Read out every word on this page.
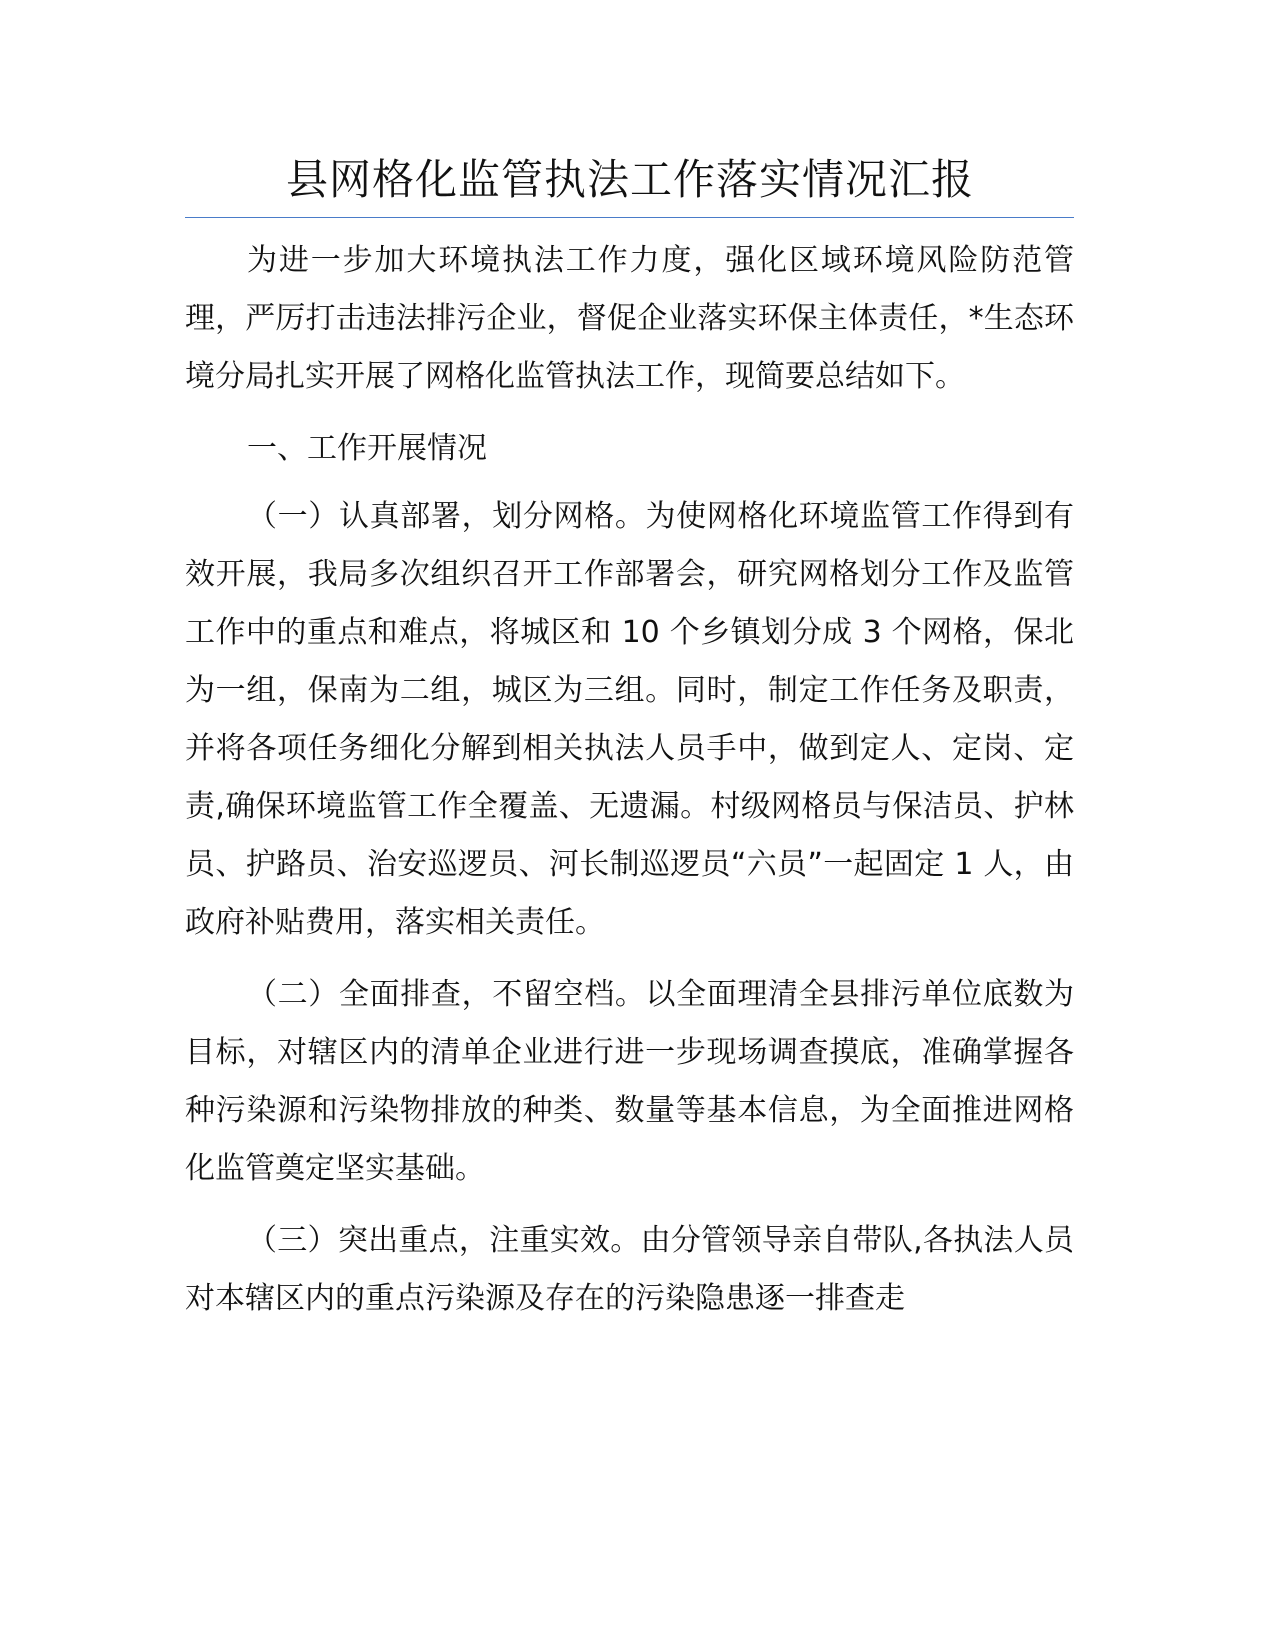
县网格化监管执法工作落实情况汇报

为进一步加大环境执法工作力度，强化区域环境风险防范管理，严厉打击违法排污企业，督促企业落实环保主体责任，*生态环境分局扎实开展了网格化监管执法工作，现简要总结如下。

一、工作开展情况

（一）认真部署，划分网格。为使网格化环境监管工作得到有效开展，我局多次组织召开工作部署会，研究网格划分工作及监管工作中的重点和难点，将城区和 10 个乡镇划分成 3 个网格，保北为一组，保南为二组，城区为三组。同时，制定工作任务及职责，并将各项任务细化分解到相关执法人员手中，做到定人、定岗、定责,确保环境监管工作全覆盖、无遗漏。村级网格员与保洁员、护林员、护路员、治安巡逻员、河长制巡逻员“六员”一起固定 1 人，由政府补贴费用，落实相关责任。

（二）全面排查，不留空档。以全面理清全县排污单位底数为目标，对辖区内的清单企业进行进一步现场调查摸底，准确掌握各种污染源和污染物排放的种类、数量等基本信息，为全面推进网格化监管奠定坚实基础。

（三）突出重点，注重实效。由分管领导亲自带队,各执法人员对本辖区内的重点污染源及存在的污染隐患逐一排查走
